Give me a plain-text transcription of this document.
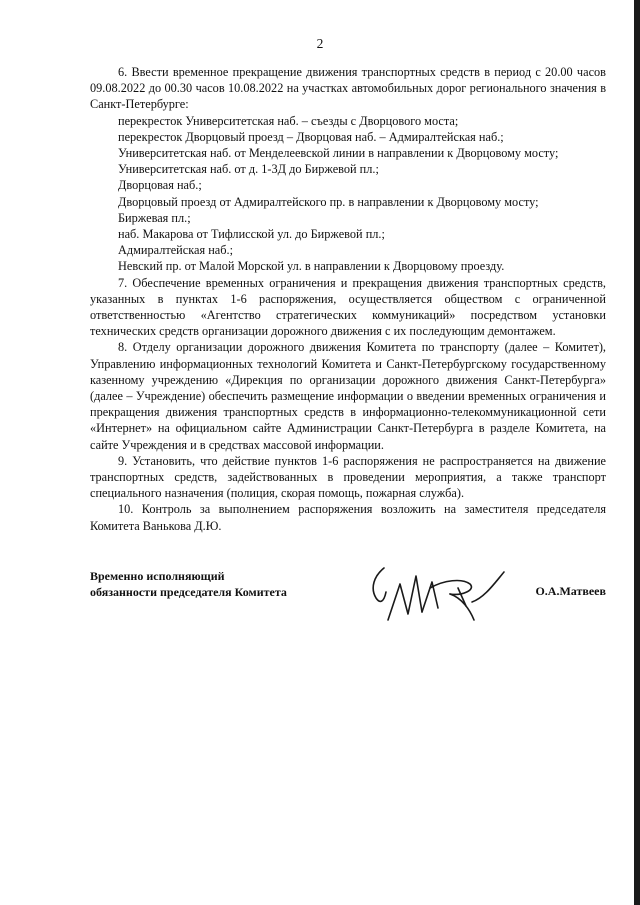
2

6. Ввести временное прекращение движения транспортных средств в период с 20.00 часов 09.08.2022 до 00.30 часов 10.08.2022 на участках автомобильных дорог регионального значения в Санкт-Петербурге:

перекресток Университетская наб. – съезды с Дворцового моста;
перекресток Дворцовый проезд – Дворцовая наб. – Адмиралтейская наб.;
Университетская наб. от Менделеевской линии в направлении к Дворцовому мосту;
Университетская наб. от д. 1-3Д до Биржевой пл.;
Дворцовая наб.;
Дворцовый проезд от Адмиралтейского пр. в направлении к Дворцовому мосту;
Биржевая пл.;
наб. Макарова от Тифлисской ул. до Биржевой пл.;
Адмиралтейская наб.;
Невский пр. от Малой Морской ул. в направлении к Дворцовому проезду.

7. Обеспечение временных ограничения и прекращения движения транспортных средств, указанных в пунктах 1-6 распоряжения, осуществляется обществом с ограниченной ответственностью «Агентство стратегических коммуникаций» посредством установки технических средств организации дорожного движения с их последующим демонтажем.

8. Отделу организации дорожного движения Комитета по транспорту (далее – Комитет), Управлению информационных технологий Комитета и Санкт-Петербургскому государственному казенному учреждению «Дирекция по организации дорожного движения Санкт-Петербурга» (далее – Учреждение) обеспечить размещение информации о введении временных ограничения и прекращения движения транспортных средств в информационно-телекоммуникационной сети «Интернет» на официальном сайте Администрации Санкт-Петербурга в разделе Комитета, на сайте Учреждения и в средствах массовой информации.

9. Установить, что действие пунктов 1-6 распоряжения не распространяется на движение транспортных средств, задействованных в проведении мероприятия, а также транспорт специального назначения (полиция, скорая помощь, пожарная служба).

10. Контроль за выполнением распоряжения возложить на заместителя председателя Комитета Ванькова Д.Ю.

Временно исполняющий
обязанности председателя Комитета	О.А.Матвеев
